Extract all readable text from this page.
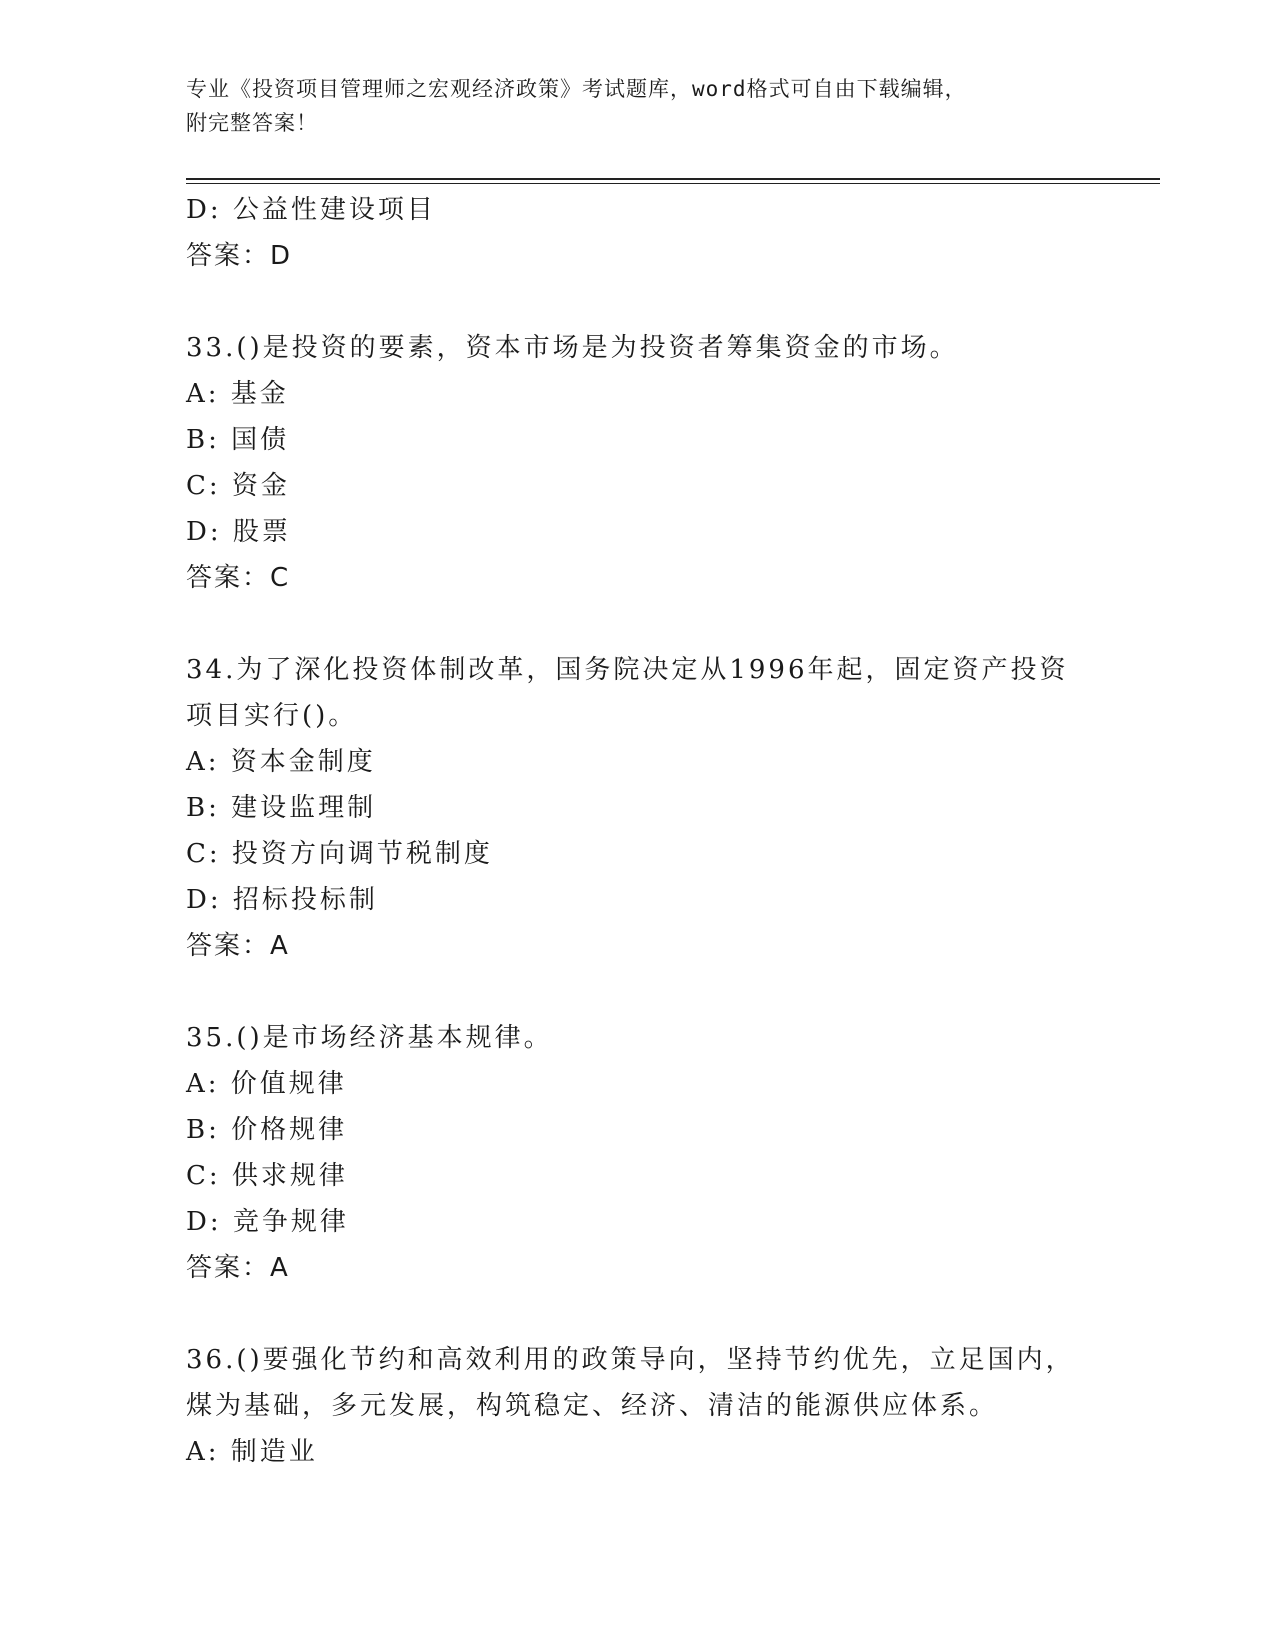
专业《投资项目管理师之宏观经济政策》考试题库，word格式可自由下载编辑，
附完整答案！
D: 公益性建设项目
答案：D
33.()是投资的要素，资本市场是为投资者筹集资金的市场。
A: 基金
B: 国债
C: 资金
D: 股票
答案：C
34.为了深化投资体制改革，国务院决定从1996年起，固定资产投资
项目实行()。
A: 资本金制度
B: 建设监理制
C: 投资方向调节税制度
D: 招标投标制
答案：A
35.()是市场经济基本规律。
A: 价值规律
B: 价格规律
C: 供求规律
D: 竞争规律
答案：A
36.()要强化节约和高效利用的政策导向，坚持节约优先，立足国内，
煤为基础，多元发展，构筑稳定、经济、清洁的能源供应体系。
A: 制造业
